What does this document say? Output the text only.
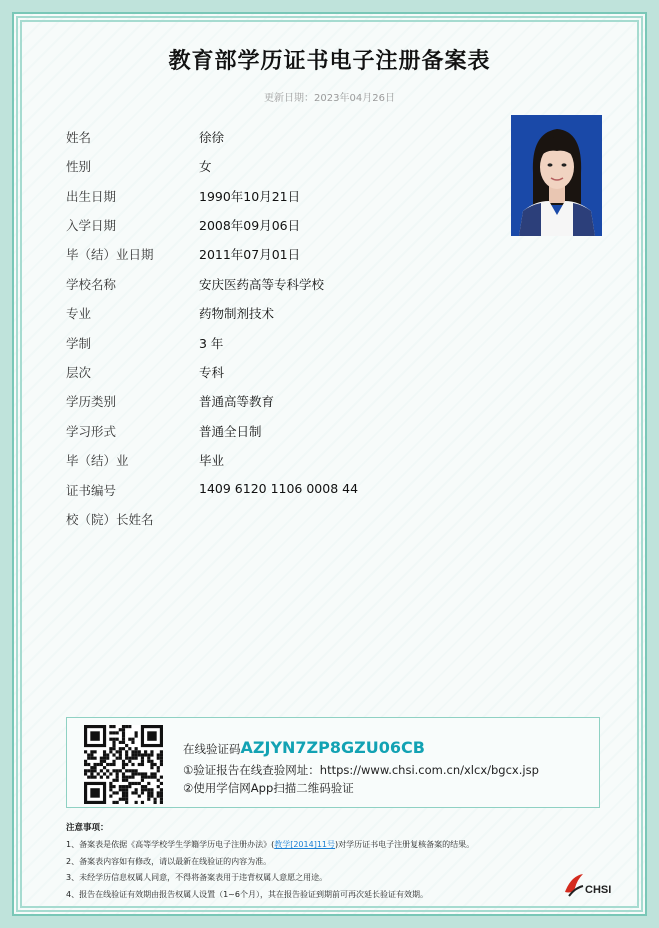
教育部学历证书电子注册备案表
更新日期：2023年04月26日
姓名	徐徐
性别	女
出生日期	1990年10月21日
入学日期	2008年09月06日
毕（结）业日期	2011年07月01日
学校名称	安庆医药高等专科学校
专业	药物制剂技术
学制	3 年
层次	专科
学历类别	普通高等教育
学习形式	普通全日制
毕（结）业	毕业
证书编号	1409 6120 1106 0008 44
校（院）长姓名
在线验证码AZJYN7ZP8GZU06CB
①验证报告在线查验网址：https://www.chsi.com.cn/xlcx/bgcx.jsp
②使用学信网App扫描二维码验证
注意事项：
1、备案表是依据《高等学校学生学籍学历电子注册办法》(教学[2014]11号)对学历证书电子注册复核备案的结果。
2、备案表内容如有修改，请以最新在线验证的内容为准。
3、未经学历信息权属人同意，不得将备案表用于违背权属人意愿之用途。
4、报告在线验证有效期由报告权属人设置（1~6个月），其在报告验证到期前可再次延长验证有效期。	CHSI
